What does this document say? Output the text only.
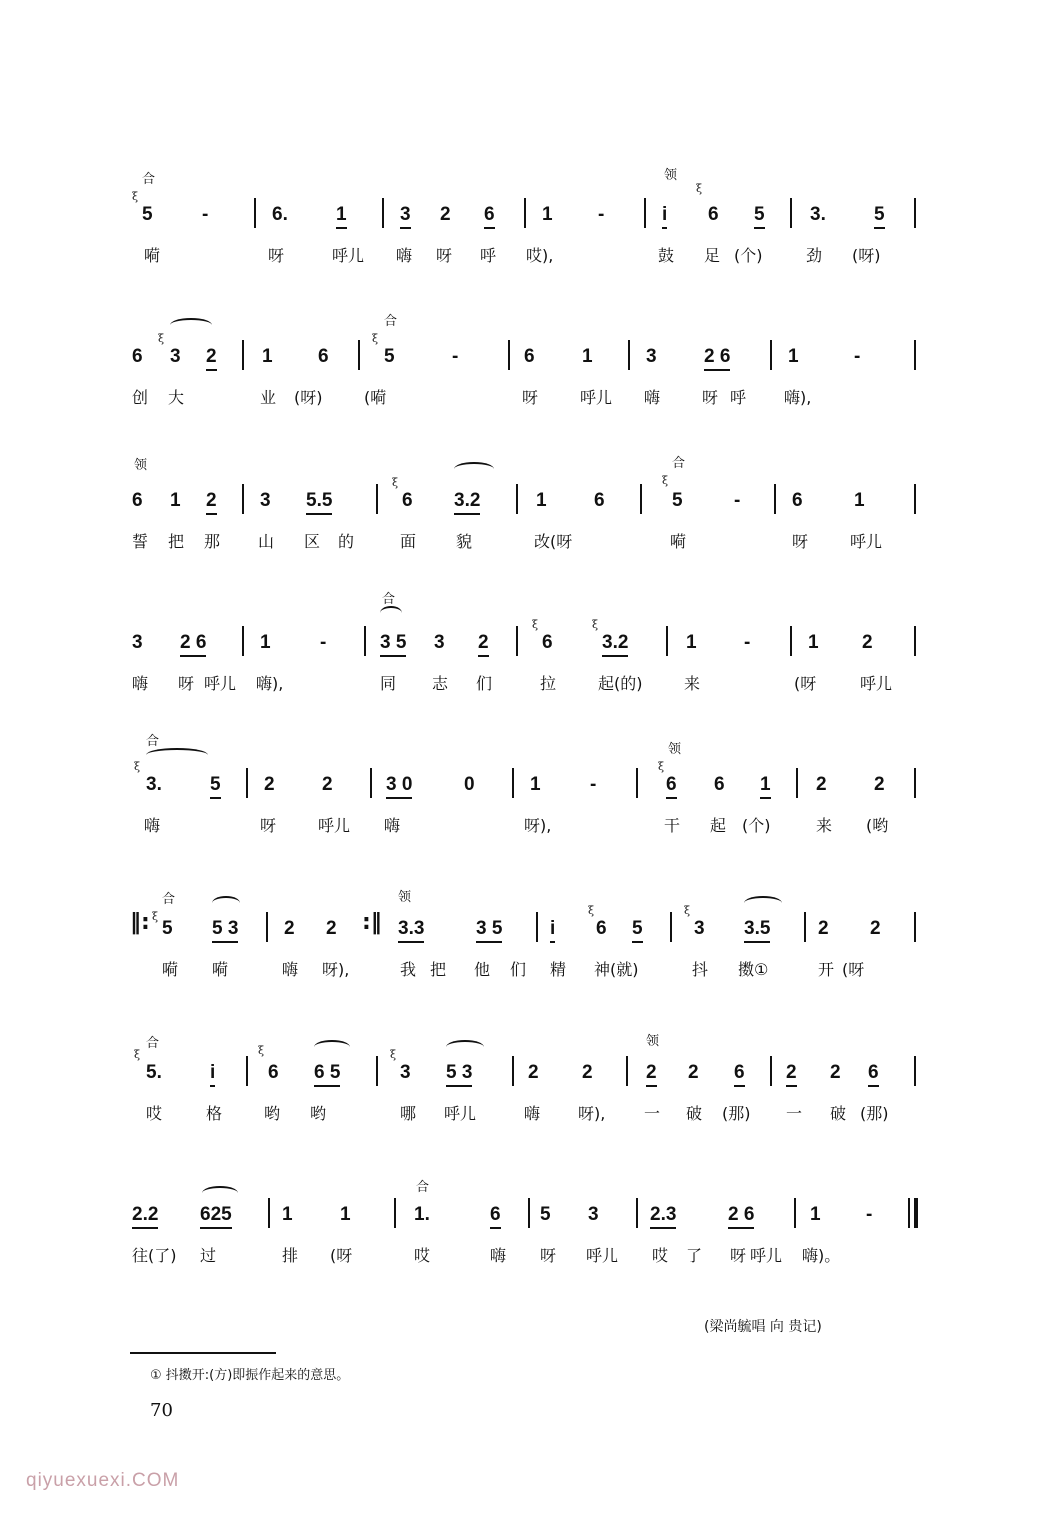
合	领
ξ
ξ
5	-	6.	1	3 2 6 1 -	i 6 5 3.	5
嗬	呀	呼儿 嗨 呀 呼 哎),	鼓 足 (个)	劲 (呀)
合
ξ	ξ
6 3 2 1 6	5	-	6 1	3 2 6	1	-
创 大	业 (呀)	(嗬	呀	呼儿 嗨	呀 呼 嗨),
领	合
ξ	ξ
6 1 2 3 5.5	6 3.2	1 6	5	-	6	1
誓 把 那 山 区 的	面 貌	改 (呀	嗬	呀	呼儿
合
ξ	ξ
3 2 6	1	-	3 5 3 2	6	3.2	1 -	1 2
嗨 呀 呼儿 嗨),	同 志 们	拉	起(的)	来	(呀	呼儿
合
领
ξ	ξ
3.	5 2 2	3 0	0	1	-	6 6 1 2 2
嗨	呀	呼儿 嗨	呀),	干 起 (个)	来 (哟
合	领
‖:	:‖
ξ	ξ	ξ
5 5 3 2 2	3.3	3 5	i 6 5	3 3.5	2 2
嗬 嗬	嗨 呀),	我 把 他 们 精 神(就)	抖 擞①	开 (呀
合	领
ξ	ξ	ξ
5.	i	6 6 5	3 5 3	2 2	2 2 6 2 2 6
哎	格	哟 哟	哪 呼儿	嗨 呀), 一 破 (那) 一 破 (那)
合
2.2 625	1 1	1.	6 5 3	2.3	2 6	1 -
往(了) 过	排 (呀	哎	嗨 呀 呼儿 哎 了 呀 呼儿 嗨)。
(梁尚毓唱 向 贵记)
① 抖擞开:(方)即振作起来的意思。
70
qiyuexuexi.COM
